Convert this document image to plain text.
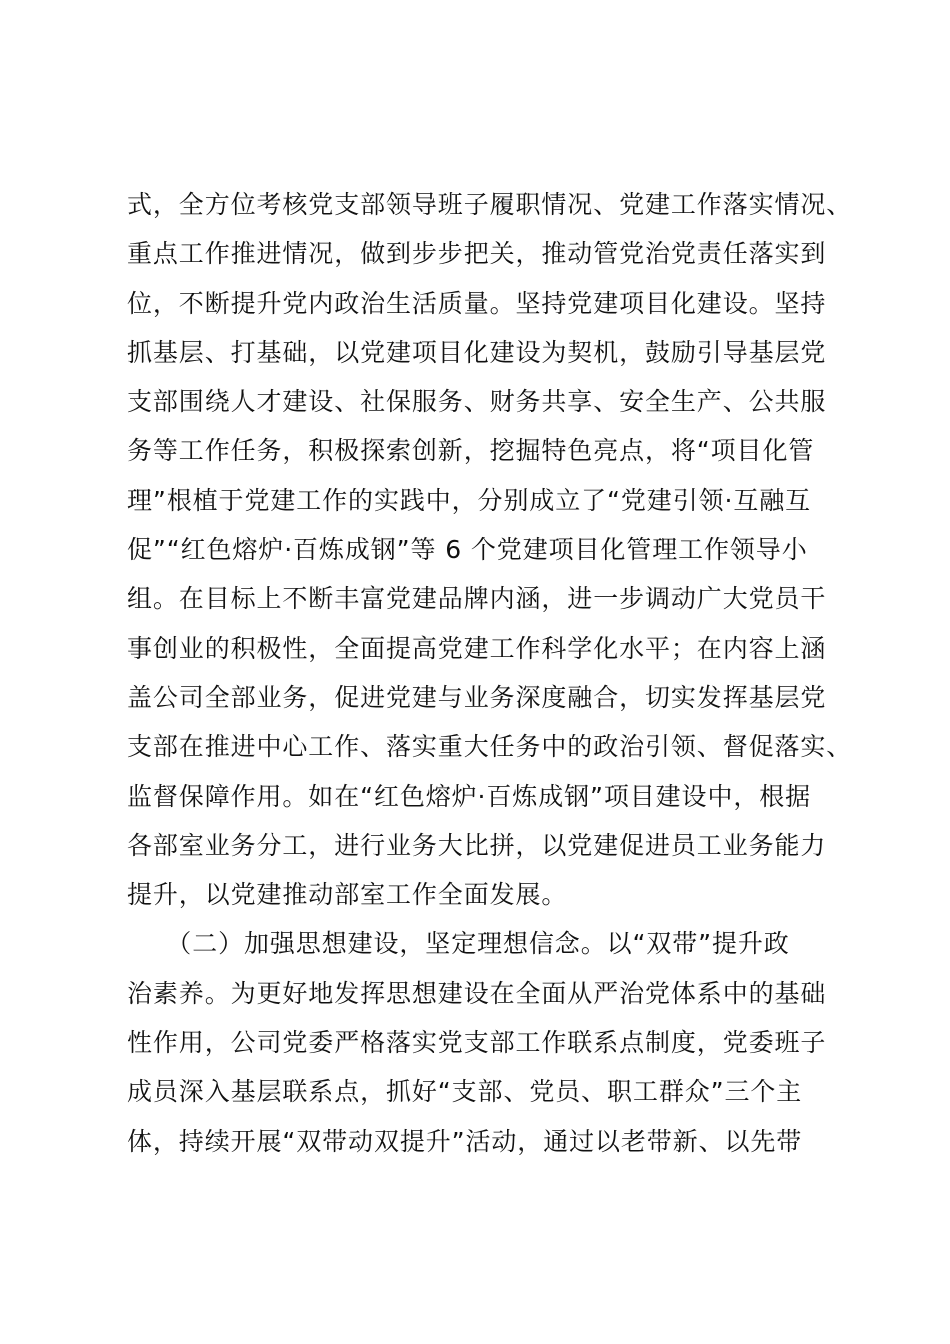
式，全方位考核党支部领导班子履职情况、党建工作落实情况、
重点工作推进情况，做到步步把关，推动管党治党责任落实到
位，不断提升党内政治生活质量。坚持党建项目化建设。坚持
抓基层、打基础，以党建项目化建设为契机，鼓励引导基层党
支部围绕人才建设、社保服务、财务共享、安全生产、公共服
务等工作任务，积极探索创新，挖掘特色亮点，将“项目化管
理”根植于党建工作的实践中，分别成立了“党建引领·互融互
促”“红色熔炉·百炼成钢”等 6 个党建项目化管理工作领导小
组。在目标上不断丰富党建品牌内涵，进一步调动广大党员干
事创业的积极性，全面提高党建工作科学化水平；在内容上涵
盖公司全部业务，促进党建与业务深度融合，切实发挥基层党
支部在推进中心工作、落实重大任务中的政治引领、督促落实、
监督保障作用。如在“红色熔炉·百炼成钢”项目建设中，根据
各部室业务分工，进行业务大比拼，以党建促进员工业务能力
提升，以党建推动部室工作全面发展。
　　（二）加强思想建设，坚定理想信念。以“双带”提升政
治素养。为更好地发挥思想建设在全面从严治党体系中的基础
性作用，公司党委严格落实党支部工作联系点制度，党委班子
成员深入基层联系点，抓好“支部、党员、职工群众”三个主
体，持续开展“双带动双提升”活动，通过以老带新、以先带
